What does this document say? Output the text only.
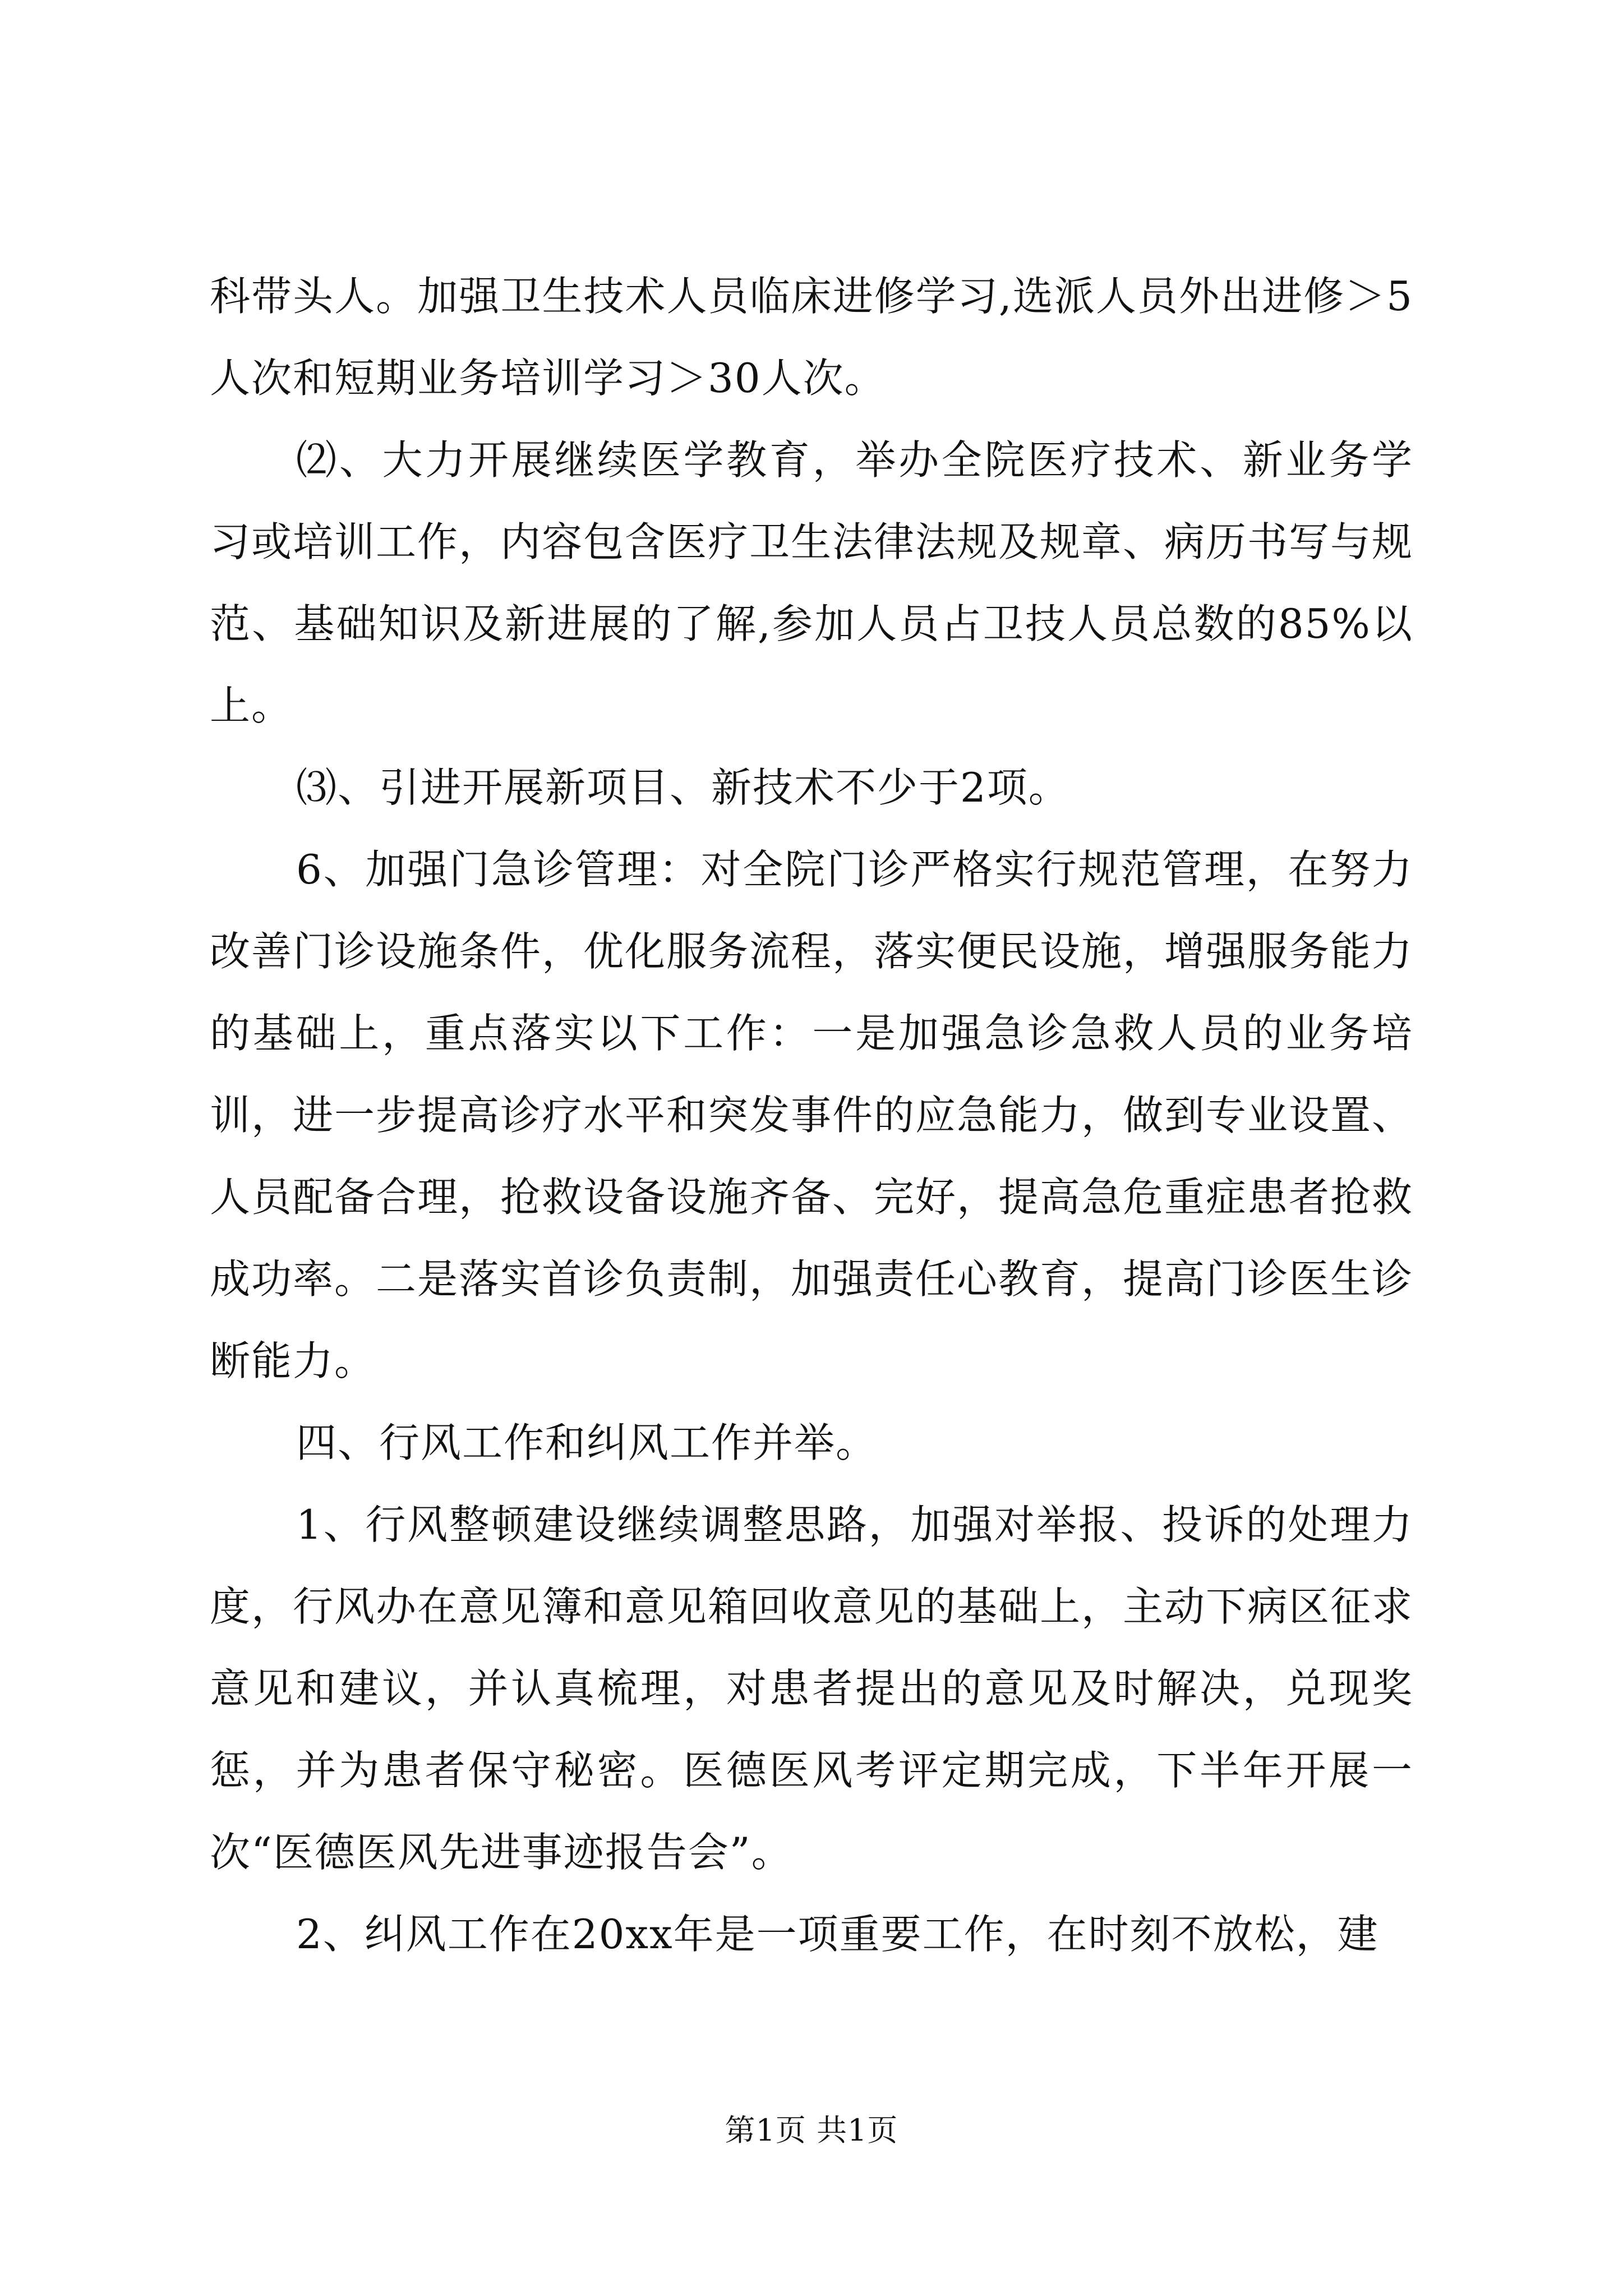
科带头人。加强卫生技术人员临床进修学习,选派人员外出进修＞5人次和短期业务培训学习＞30人次。

⑵、大力开展继续医学教育，举办全院医疗技术、新业务学习或培训工作，内容包含医疗卫生法律法规及规章、病历书写与规范、基础知识及新进展的了解,参加人员占卫技人员总数的85%以上。

⑶、引进开展新项目、新技术不少于2项。

6、加强门急诊管理：对全院门诊严格实行规范管理，在努力改善门诊设施条件，优化服务流程，落实便民设施，增强服务能力的基础上，重点落实以下工作：一是加强急诊急救人员的业务培训，进一步提高诊疗水平和突发事件的应急能力，做到专业设置、人员配备合理，抢救设备设施齐备、完好，提高急危重症患者抢救成功率。二是落实首诊负责制，加强责任心教育，提高门诊医生诊断能力。

四、行风工作和纠风工作并举。

1、行风整顿建设继续调整思路，加强对举报、投诉的处理力度，行风办在意见簿和意见箱回收意见的基础上，主动下病区征求意见和建议，并认真梳理，对患者提出的意见及时解决，兑现奖惩，并为患者保守秘密。医德医风考评定期完成，下半年开展一次“医德医风先进事迹报告会”。

2、纠风工作在20xx年是一项重要工作，在时刻不放松，建

第1页 共1页
